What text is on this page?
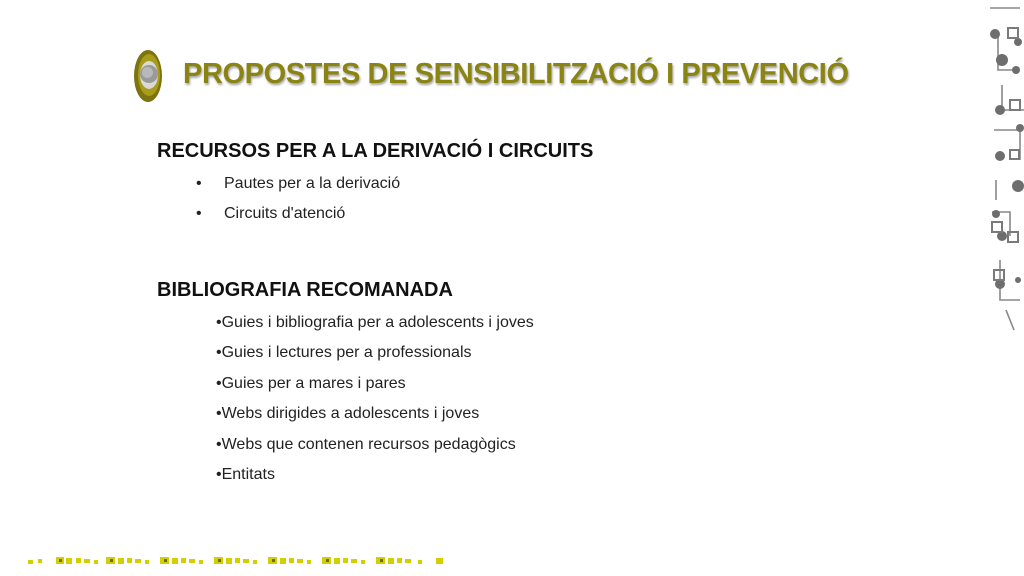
PROPOSTES DE SENSIBILITZACIÓ I PREVENCIÓ
RECURSOS PER A LA DERIVACIÓ I CIRCUITS
• Pautes per a la derivació
• Circuits d'atenció
BIBLIOGRAFIA RECOMANADA
•Guies i bibliografia per a adolescents i joves
•Guies i lectures per a professionals
•Guies per a mares i pares
•Webs dirigides a adolescents i joves
•Webs que contenen recursos pedagògics
•Entitats
